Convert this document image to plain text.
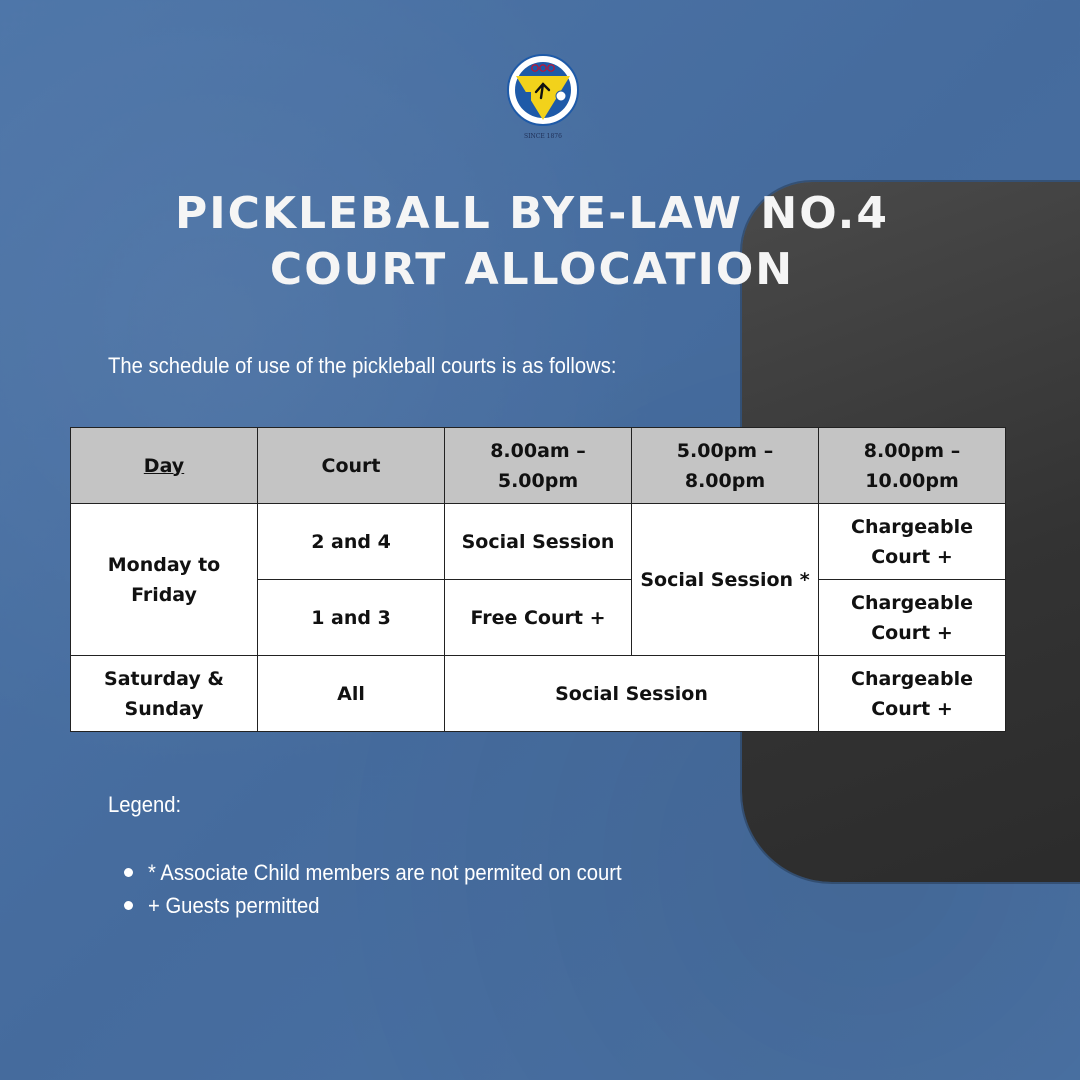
SINCE 1876
PICKLEBALL BYE-LAW NO.4
COURT ALLOCATION
The schedule of use of the pickleball courts is as follows:
Day	Court	8.00am – 5.00pm	5.00pm – 8.00pm	8.00pm – 10.00pm
Monday to Friday	2 and 4	Social Session	Social Session *	Chargeable Court +
	1 and 3	Free Court +		Chargeable Court +
Saturday & Sunday	All	Social Session		Chargeable Court +
Legend:
* Associate Child members are not permited on court
+ Guests permitted
